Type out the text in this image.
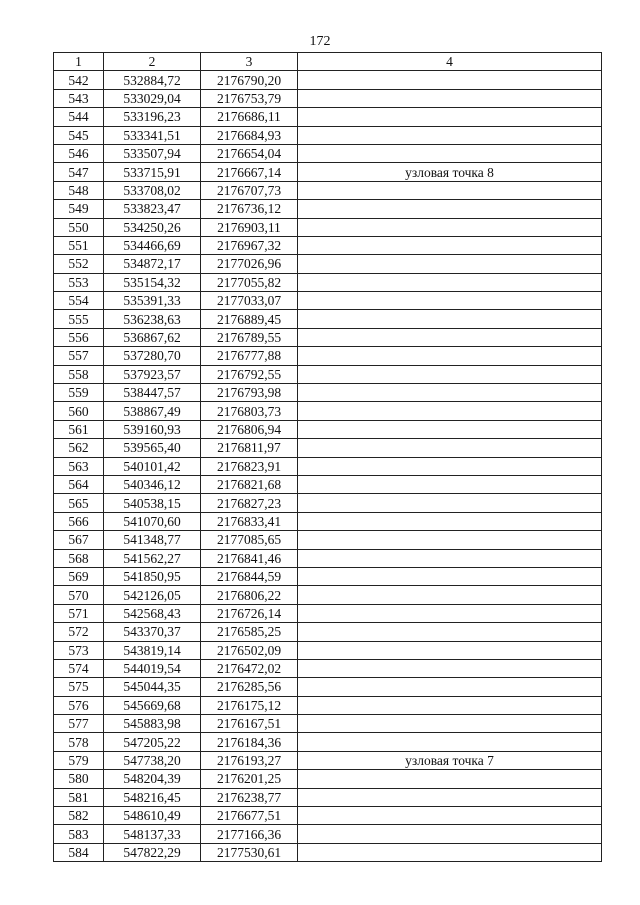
172
1	2	3	4
542	532884,72	2176790,20	
543	533029,04	2176753,79	
544	533196,23	2176686,11	
545	533341,51	2176684,93	
546	533507,94	2176654,04	
547	533715,91	2176667,14	узловая точка 8
548	533708,02	2176707,73	
549	533823,47	2176736,12	
550	534250,26	2176903,11	
551	534466,69	2176967,32	
552	534872,17	2177026,96	
553	535154,32	2177055,82	
554	535391,33	2177033,07	
555	536238,63	2176889,45	
556	536867,62	2176789,55	
557	537280,70	2176777,88	
558	537923,57	2176792,55	
559	538447,57	2176793,98	
560	538867,49	2176803,73	
561	539160,93	2176806,94	
562	539565,40	2176811,97	
563	540101,42	2176823,91	
564	540346,12	2176821,68	
565	540538,15	2176827,23	
566	541070,60	2176833,41	
567	541348,77	2177085,65	
568	541562,27	2176841,46	
569	541850,95	2176844,59	
570	542126,05	2176806,22	
571	542568,43	2176726,14	
572	543370,37	2176585,25	
573	543819,14	2176502,09	
574	544019,54	2176472,02	
575	545044,35	2176285,56	
576	545669,68	2176175,12	
577	545883,98	2176167,51	
578	547205,22	2176184,36	
579	547738,20	2176193,27	узловая точка 7
580	548204,39	2176201,25	
581	548216,45	2176238,77	
582	548610,49	2176677,51	
583	548137,33	2177166,36	
584	547822,29	2177530,61	
